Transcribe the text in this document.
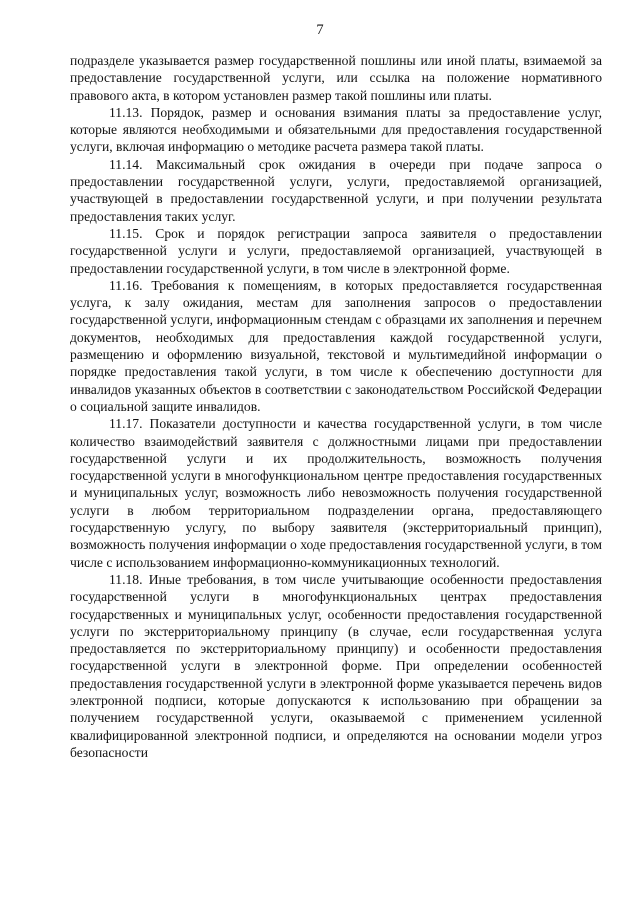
7

подразделе указывается размер государственной пошлины или иной платы, взимаемой за предоставление государственной услуги, или ссылка на положение нормативного правового акта, в котором установлен размер такой пошлины или платы.

11.13. Порядок, размер и основания взимания платы за предоставление услуг, которые являются необходимыми и обязательными для предоставления государственной услуги, включая информацию о методике расчета размера такой платы.

11.14. Максимальный срок ожидания в очереди при подаче запроса о предоставлении государственной услуги, услуги, предоставляемой организацией, участвующей в предоставлении государственной услуги, и при получении результата предоставления таких услуг.

11.15. Срок и порядок регистрации запроса заявителя о предоставлении государственной услуги и услуги, предоставляемой организацией, участвующей в предоставлении государственной услуги, в том числе в электронной форме.

11.16. Требования к помещениям, в которых предоставляется государственная услуга, к залу ожидания, местам для заполнения запросов о предоставлении государственной услуги, информационным стендам с образцами их заполнения и перечнем документов, необходимых для предоставления каждой государственной услуги, размещению и оформлению визуальной, текстовой и мультимедийной информации о порядке предоставления такой услуги, в том числе к обеспечению доступности для инвалидов указанных объектов в соответствии с законодательством Российской Федерации о социальной защите инвалидов.

11.17. Показатели доступности и качества государственной услуги, в том числе количество взаимодействий заявителя с должностными лицами при предоставлении государственной услуги и их продолжительность, возможность получения государственной услуги в многофункциональном центре предоставления государственных и муниципальных услуг, возможность либо невозможность получения государственной услуги в любом территориальном подразделении органа, предоставляющего государственную услугу, по выбору заявителя (экстерриториальный принцип), возможность получения информации о ходе предоставления государственной услуги, в том числе с использованием информационно-коммуникационных технологий.

11.18. Иные требования, в том числе учитывающие особенности предоставления государственной услуги в многофункциональных центрах предоставления государственных и муниципальных услуг, особенности предоставления государственной услуги по экстерриториальному принципу (в случае, если государственная услуга предоставляется по экстерриториальному принципу) и особенности предоставления государственной услуги в электронной форме. При определении особенностей предоставления государственной услуги в электронной форме указывается перечень видов электронной подписи, которые допускаются к использованию при обращении за получением государственной услуги, оказываемой с применением усиленной квалифицированной электронной подписи, и определяются на основании модели угроз безопасности
